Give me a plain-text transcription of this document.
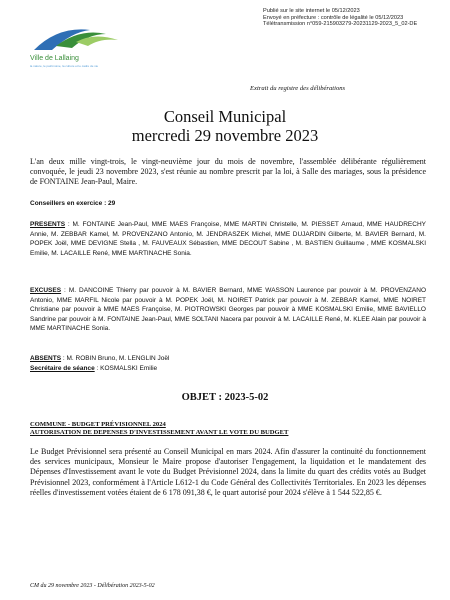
Publié sur le site internet le 05/12/2023
Envoyé en préfecture : contrôle de légalité le 05/12/2023
Télétransmission n°059-215903279-20231129-2023_5_02-DE
Ville de Lallaing
la nature, le patrimoine, la culture et le cadre de vie
Extrait du registre des délibérations
Conseil Municipal
mercredi 29 novembre 2023
L'an deux mille vingt-trois, le vingt-neuvième jour du mois de novembre, l'assemblée délibérante régulièrement convoquée, le jeudi 23 novembre 2023, s'est réunie au nombre prescrit par la loi, à Salle des mariages, sous la présidence de FONTAINE Jean-Paul, Maire.
Conseillers en exercice : 29
PRESENTS : M. FONTAINE Jean-Paul, MME MAES Françoise, MME MARTIN Christelle, M. PIESSET Arnaud, MME HAUDRECHY Annie, M. ZEBBAR Kamel, M. PROVENZANO Antonio, M. JENDRASZEK Michel, MME DUJARDIN Gilberte, M. BAVIER Bernard, M. POPEK Joël, MME DEVIGNE Stella , M. FAUVEAUX Sébastien, MME DECOUT Sabine , M. BASTIEN Guillaume , MME KOSMALSKI Emilie, M. LACAILLE René, MME MARTINACHE Sonia.
EXCUSES : M. DANCOINE Thierry par pouvoir à M. BAVIER Bernard, MME WASSON Laurence par pouvoir à M. PROVENZANO Antonio, MME MARFIL Nicole par pouvoir à M. POPEK Joël, M. NOIRET Patrick par pouvoir à M. ZEBBAR Kamel, MME NOIRET Christiane par pouvoir à MME MAES Françoise, M. PIOTROWSKI Georges par pouvoir à MME KOSMALSKI Emilie, MME BAVIELLO Sandrine par pouvoir à M. FONTAINE Jean-Paul, MME SOLTANI Nacera par pouvoir à M. LACAILLE René, M. KLEE Alain par pouvoir à MME MARTINACHE Sonia.
ABSENTS : M. ROBIN Bruno, M. LENGLIN Joël
Secrétaire de séance : KOSMALSKI Emilie
OBJET : 2023-5-02
COMMUNE - BUDGET PRÉVISIONNEL 2024
AUTORISATION DE DEPENSES D'INVESTISSEMENT AVANT LE VOTE DU BUDGET
Le Budget Prévisionnel sera présenté au Conseil Municipal en mars 2024. Afin d'assurer la continuité du fonctionnement des services municipaux, Monsieur le Maire propose d'autoriser l'engagement, la liquidation et le mandatement des Dépenses d'Investissement avant le vote du Budget Prévisionnel 2024, dans la limite du quart des crédits votés au Budget Prévisionnel 2023, conformément à l'Article L612-1 du Code Général des Collectivités Territoriales. En 2023 les dépenses réelles d'investissement votées étaient de 6 178 091,38 €, le quart autorisé pour 2024 s'élève à 1 544 522,85 €.
CM du 29 novembre 2023 - Délibération 2023-5-02
